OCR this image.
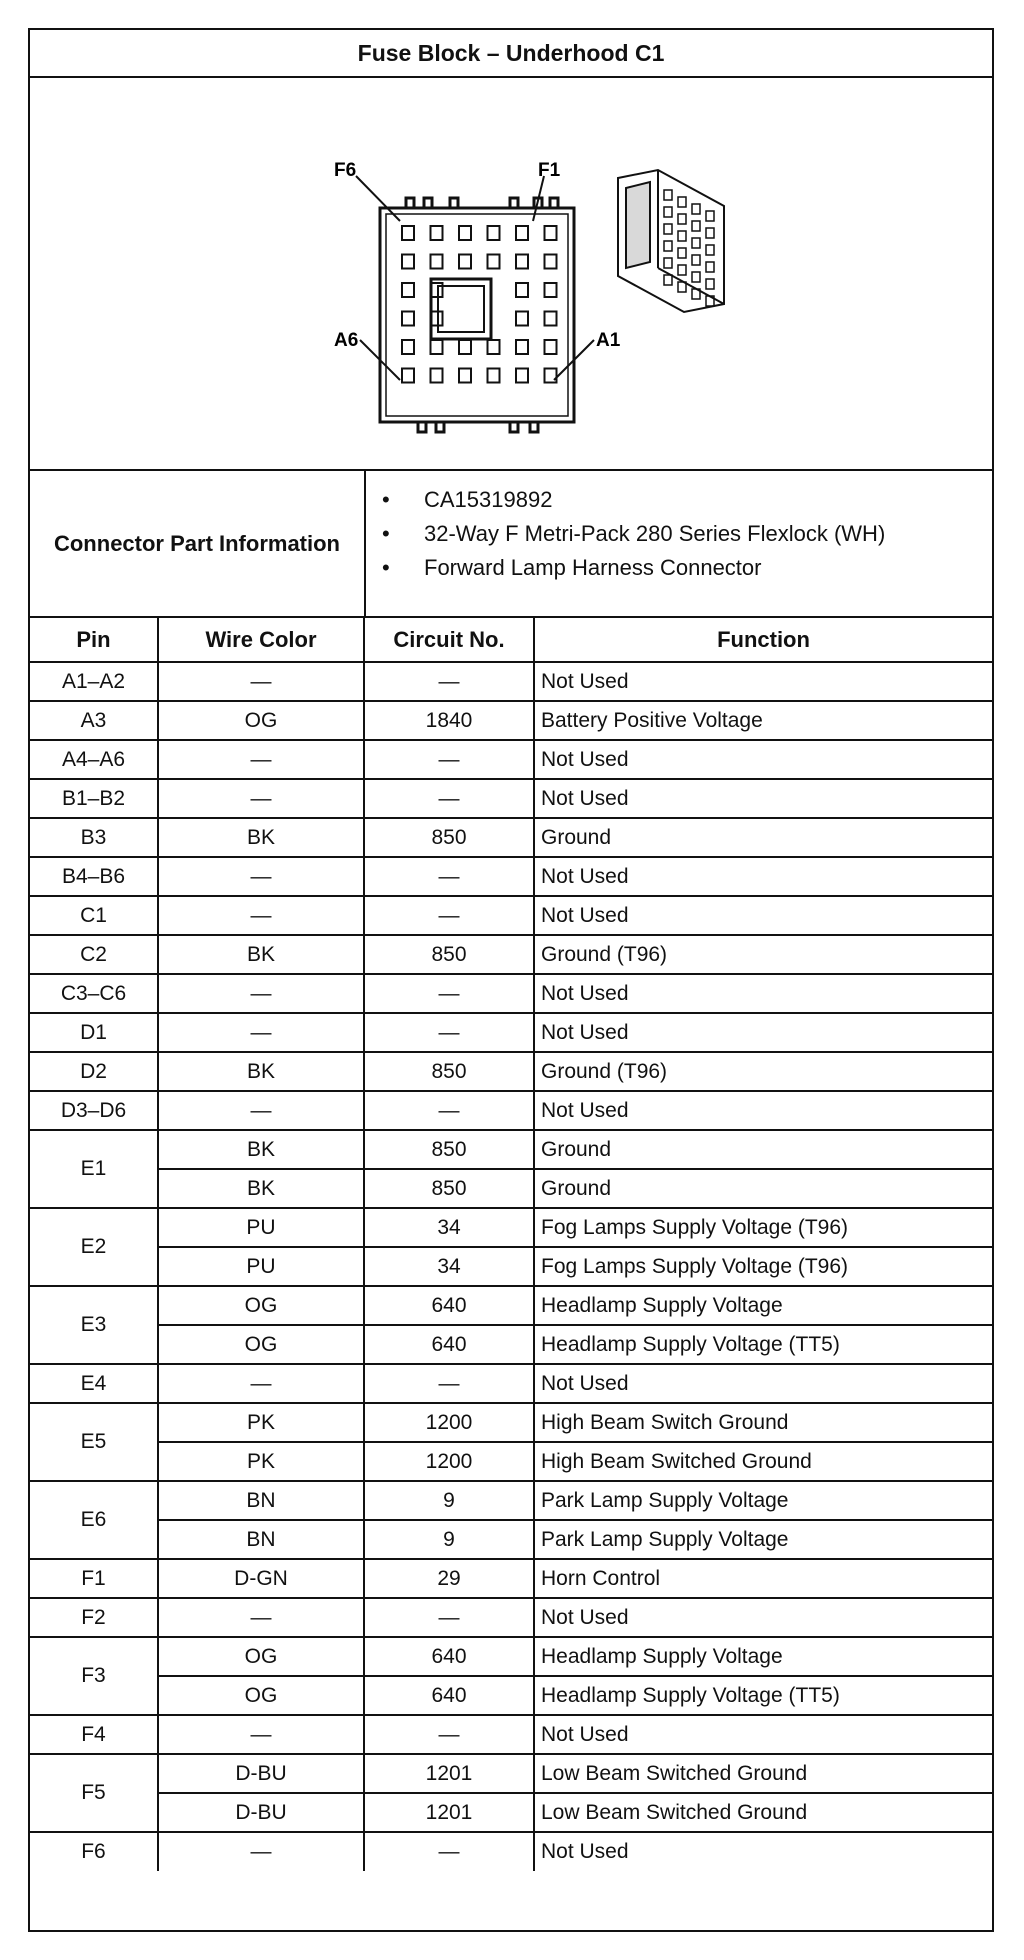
Fuse Block – Underhood C1
F6	F1
A6	A1
Connector Part Information
• CA15319892
• 32-Way F Metri-Pack 280 Series Flexlock (WH)
• Forward Lamp Harness Connector
Pin	Wire Color	Circuit No.	Function
A1–A2	—	—	Not Used
A3	OG	1840	Battery Positive Voltage
A4–A6	—	—	Not Used
B1–B2	—	—	Not Used
B3	BK	850	Ground
B4–B6	—	—	Not Used
C1	—	—	Not Used
C2	BK	850	Ground (T96)
C3–C6	—	—	Not Used
D1	—	—	Not Used
D2	BK	850	Ground (T96)
D3–D6	—	—	Not Used
E1	BK	850	Ground
	BK	850	Ground
E2	PU	34	Fog Lamps Supply Voltage (T96)
	PU	34	Fog Lamps Supply Voltage (T96)
E3	OG	640	Headlamp Supply Voltage
	OG	640	Headlamp Supply Voltage (TT5)
E4	—	—	Not Used
E5	PK	1200	High Beam Switch Ground
	PK	1200	High Beam Switched Ground
E6	BN	9	Park Lamp Supply Voltage
	BN	9	Park Lamp Supply Voltage
F1	D-GN	29	Horn Control
F2	—	—	Not Used
F3	OG	640	Headlamp Supply Voltage
	OG	640	Headlamp Supply Voltage (TT5)
F4	—	—	Not Used
F5	D-BU	1201	Low Beam Switched Ground
	D-BU	1201	Low Beam Switched Ground
F6	—	—	Not Used
